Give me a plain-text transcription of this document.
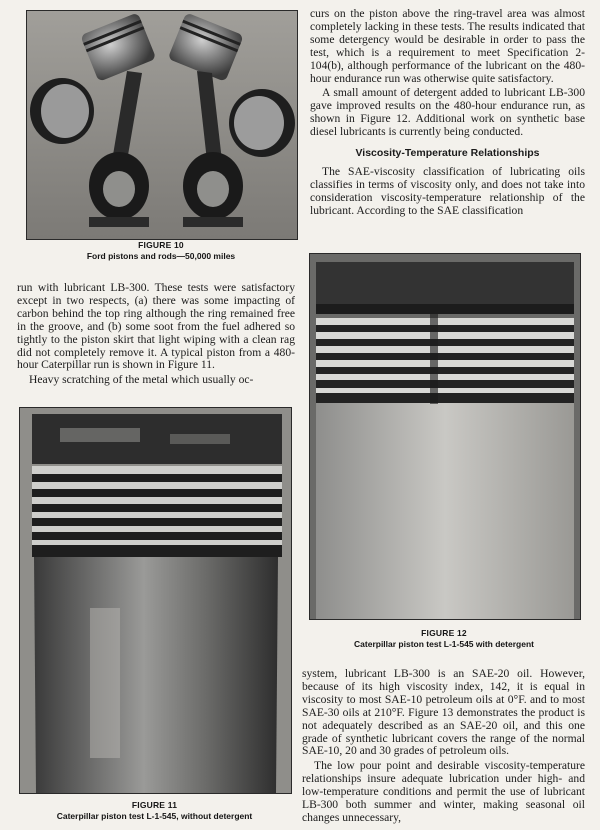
FIGURE 10
Ford pistons and rods—50,000 miles

curs on the piston above the ring-travel area was almost completely lacking in these tests. The results indicated that some detergency would be desirable in order to pass the test, which is a requirement to meet Specification 2-104(b), although performance of the lubricant on the 480-hour endurance run was otherwise quite satisfactory.

A small amount of detergent added to lubricant LB-300 gave improved results on the 480-hour endurance run, as shown in Figure 12. Additional work on synthetic base diesel lubricants is currently being conducted.

Viscosity-Temperature Relationships

The SAE-viscosity classification of lubricating oils classifies in terms of viscosity only, and does not take into consideration viscosity-temperature relationship of the lubricant. According to the SAE classification

run with lubricant LB-300. These tests were satisfactory except in two respects, (a) there was some impacting of carbon behind the top ring although the ring remained free in the groove, and (b) some soot from the fuel adhered so tightly to the piston skirt that light wiping with a clean rag did not completely remove it. A typical piston from a 480-hour Caterpillar run is shown in Figure 11.

Heavy scratching of the metal which usually oc-

FIGURE 12
Caterpillar piston test L-1-545 with detergent
FIGURE 11
Caterpillar piston test L-1-545, without detergent

system, lubricant LB-300 is an SAE-20 oil. However, because of its high viscosity index, 142, it is equal in viscosity to most SAE-10 petroleum oils at 0°F. and to most SAE-30 oils at 210°F. Figure 13 demonstrates the product is not adequately described as an SAE-20 oil, and this one grade of synthetic lubricant covers the range of the normal SAE-10, 20 and 30 grades of petroleum oils.

The low pour point and desirable viscosity-temperature relationships insure adequate lubrication under high- and low-temperature conditions and permit the use of lubricant LB-300 both summer and winter, making seasonal oil changes unnecessary,
